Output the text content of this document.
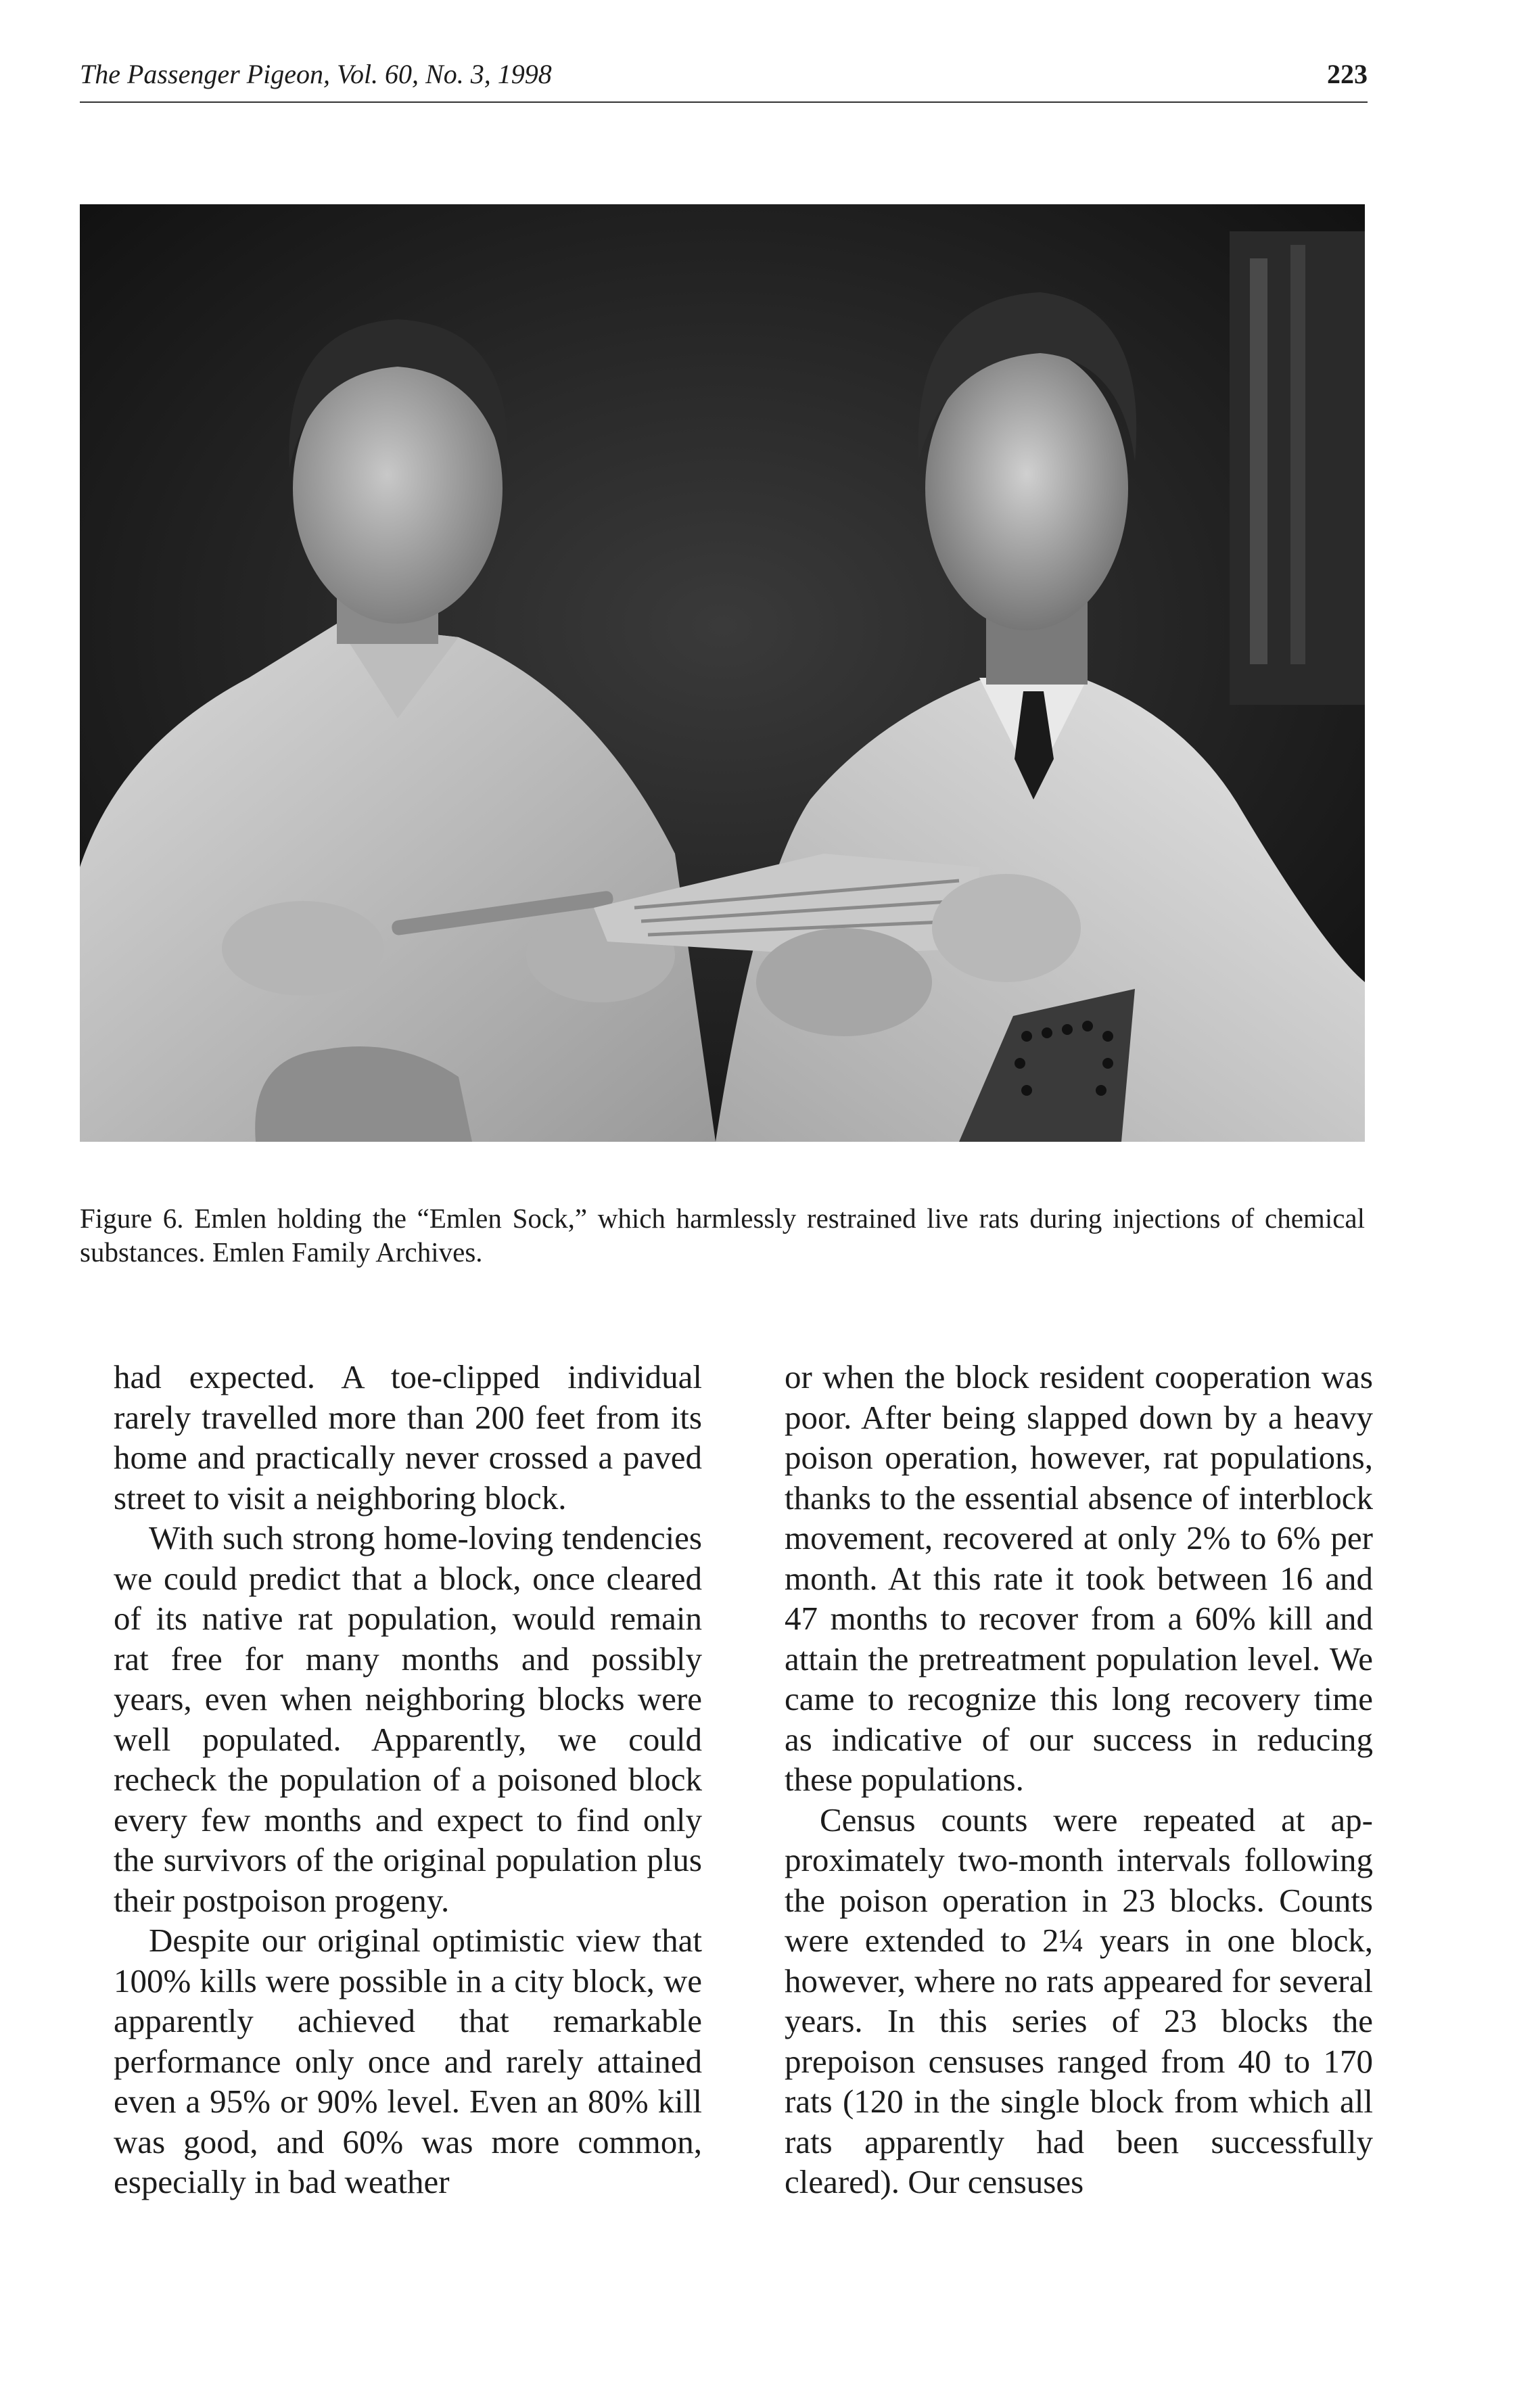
The Passenger Pigeon, Vol. 60, No. 3, 1998	223
Figure 6. Emlen holding the “Emlen Sock,” which harmlessly restrained live rats during injections of chemical substances. Emlen Family Archives.

had expected. A toe-clipped individual rarely travelled more than 200 feet from its home and practically never crossed a paved street to visit a neighboring block.

With such strong home-loving tendencies we could predict that a block, once cleared of its native rat population, would remain rat free for many months and possibly years, even when neighboring blocks were well populated. Apparently, we could recheck the population of a poisoned block every few months and expect to find only the survivors of the original population plus their postpoison progeny.

Despite our original optimistic view that 100% kills were possible in a city block, we apparently achieved that remarkable performance only once and rarely attained even a 95% or 90% level. Even an 80% kill was good, and 60% was more common, especially in bad weather

or when the block resident cooperation was poor. After being slapped down by a heavy poison operation, however, rat populations, thanks to the essential absence of interblock movement, recovered at only 2% to 6% per month. At this rate it took between 16 and 47 months to recover from a 60% kill and attain the pretreatment population level. We came to recognize this long recovery time as indicative of our success in reducing these populations.

Census counts were repeated at approximately two-month intervals following the poison operation in 23 blocks. Counts were extended to 2¼ years in one block, however, where no rats appeared for several years. In this series of 23 blocks the prepoison censuses ranged from 40 to 170 rats (120 in the single block from which all rats apparently had been successfully cleared). Our censuses
